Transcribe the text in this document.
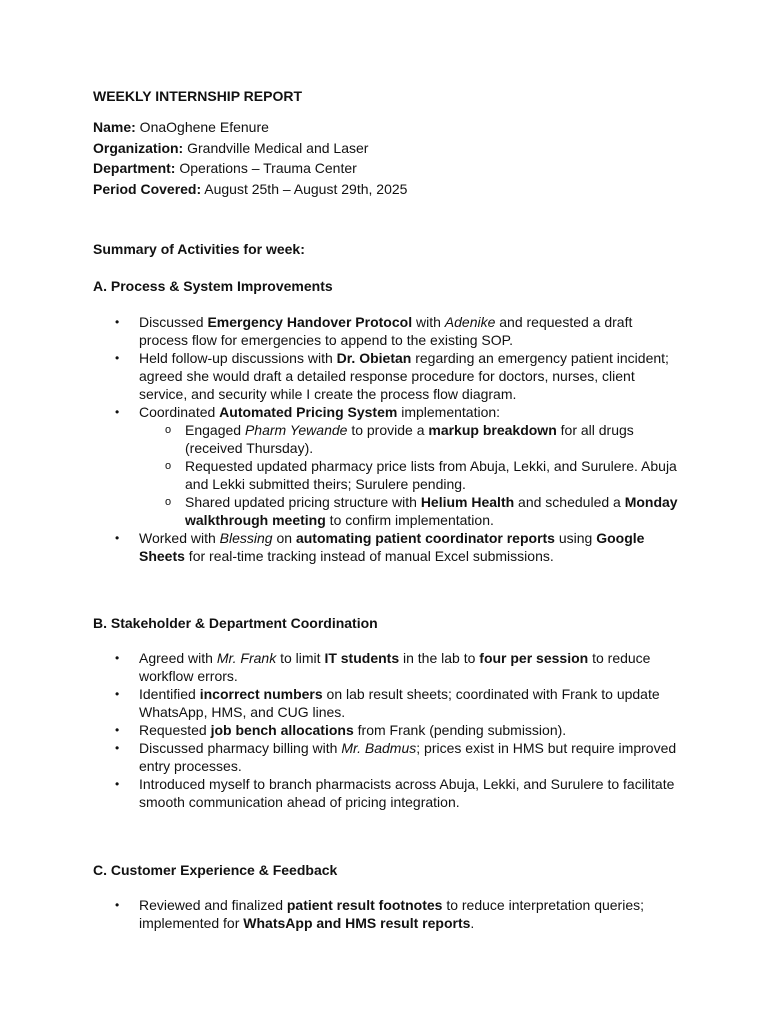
WEEKLY INTERNSHIP REPORT
Name: OnaOghene Efenure
Organization: Grandville Medical and Laser
Department: Operations – Trauma Center
Period Covered: August 25th – August 29th, 2025
Summary of Activities for week:
A. Process & System Improvements
• Discussed Emergency Handover Protocol with Adenike and requested a draft process flow for emergencies to append to the existing SOP.
• Held follow-up discussions with Dr. Obietan regarding an emergency patient incident; agreed she would draft a detailed response procedure for doctors, nurses, client service, and security while I create the process flow diagram.
• Coordinated Automated Pricing System implementation:
o Engaged Pharm Yewande to provide a markup breakdown for all drugs (received Thursday).
o Requested updated pharmacy price lists from Abuja, Lekki, and Surulere. Abuja and Lekki submitted theirs; Surulere pending.
o Shared updated pricing structure with Helium Health and scheduled a Monday walkthrough meeting to confirm implementation.
• Worked with Blessing on automating patient coordinator reports using Google Sheets for real-time tracking instead of manual Excel submissions.
B. Stakeholder & Department Coordination
• Agreed with Mr. Frank to limit IT students in the lab to four per session to reduce workflow errors.
• Identified incorrect numbers on lab result sheets; coordinated with Frank to update WhatsApp, HMS, and CUG lines.
• Requested job bench allocations from Frank (pending submission).
• Discussed pharmacy billing with Mr. Badmus; prices exist in HMS but require improved entry processes.
• Introduced myself to branch pharmacists across Abuja, Lekki, and Surulere to facilitate smooth communication ahead of pricing integration.
C. Customer Experience & Feedback
• Reviewed and finalized patient result footnotes to reduce interpretation queries; implemented for WhatsApp and HMS result reports.
